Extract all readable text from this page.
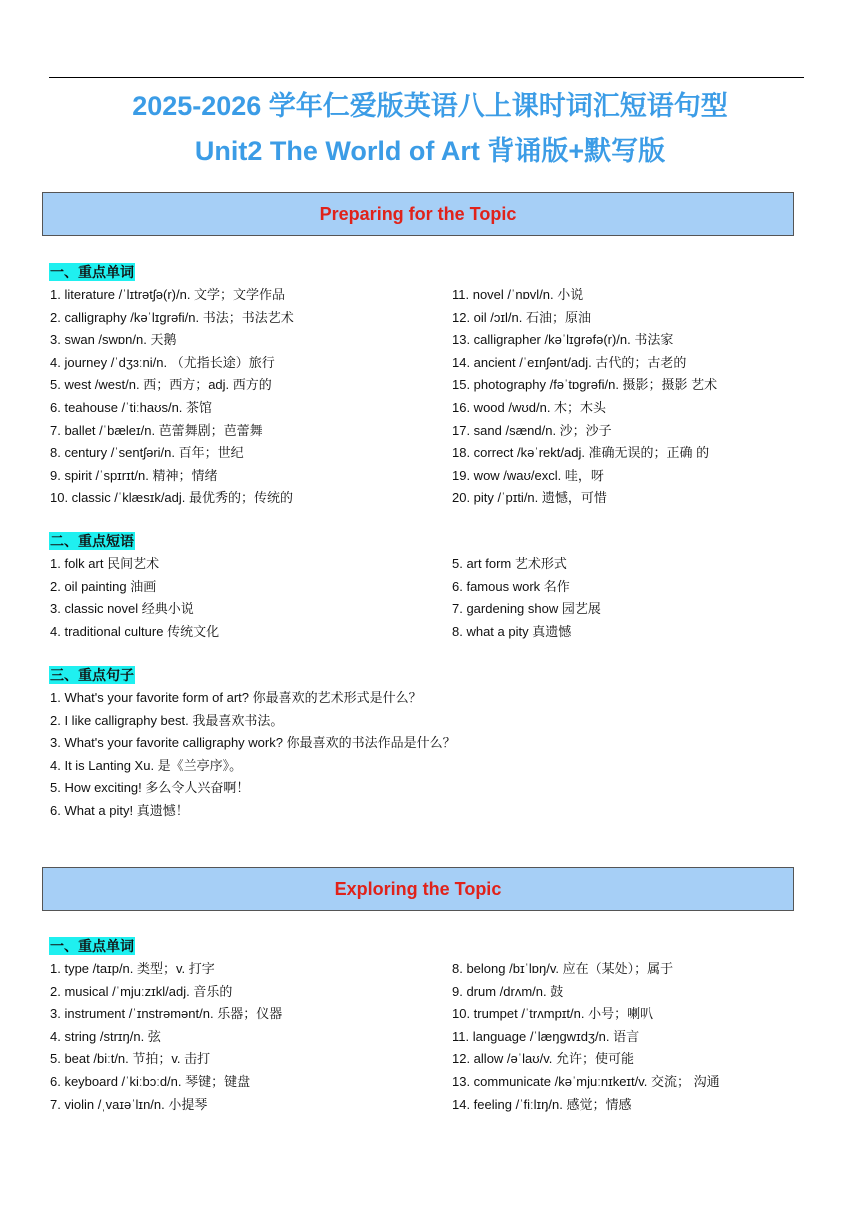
2025-2026 学年仁爱版英语八上课时词汇短语句型
Unit2 The World of Art 背诵版+默写版
Preparing for the Topic
一、重点单词
1. literature /ˈlɪtrətʃə(r)/n. 文学；文学作品
2. calligraphy /kəˈlɪɡrəfi/n. 书法；书法艺术
3. swan /swɒn/n. 天鹅
4. journey /ˈdʒɜːni/n. （尤指长途）旅行
5. west /west/n. 西；西方；adj. 西方的
6. teahouse /ˈtiːhaʊs/n. 茶馆
7. ballet /ˈbæleɪ/n. 芭蕾舞剧；芭蕾舞
8. century /ˈsentʃəri/n. 百年；世纪
9. spirit /ˈspɪrɪt/n. 精神；情绪
10. classic /ˈklæsɪk/adj. 最优秀的；传统的
11. novel /ˈnɒvl/n. 小说
12. oil /ɔɪl/n. 石油；原油
13. calligrapher /kəˈlɪɡrəfə(r)/n. 书法家
14. ancient /ˈeɪnʃənt/adj. 古代的；古老的
15. photography /fəˈtɒɡrəfi/n. 摄影；摄影 艺术
16. wood /wʊd/n. 木；木头
17. sand /sænd/n. 沙；沙子
18. correct /kəˈrekt/adj. 准确无误的；正确 的
19. wow /waʊ/excl. 哇，呀
20. pity /ˈpɪti/n. 遗憾，可惜
二、重点短语
1. folk art 民间艺术
2. oil painting 油画
3. classic novel 经典小说
4. traditional culture 传统文化
5. art form 艺术形式
6. famous work 名作
7. gardening show 园艺展
8. what a pity 真遗憾
三、重点句子
1. What's your favorite form of art? 你最喜欢的艺术形式是什么？
2. I like calligraphy best. 我最喜欢书法。
3. What's your favorite calligraphy work? 你最喜欢的书法作品是什么？
4. It is Lanting Xu. 是《兰亭序》。
5. How exciting! 多么令人兴奋啊！
6. What a pity! 真遗憾！
Exploring the Topic
一、重点单词
1. type /taɪp/n. 类型；v. 打字
2. musical /ˈmjuːzɪkl/adj. 音乐的
3. instrument /ˈɪnstrəmənt/n. 乐器；仪器
4. string /strɪŋ/n. 弦
5. beat /biːt/n. 节拍；v. 击打
6. keyboard /ˈkiːbɔːd/n. 琴键；键盘
7. violin /ˌvaɪəˈlɪn/n. 小提琴
8. belong /bɪˈlɒŋ/v. 应在（某处）；属于
9. drum /drʌm/n. 鼓
10. trumpet /ˈtrʌmpɪt/n. 小号；喇叭
11. language /ˈlæŋɡwɪdʒ/n. 语言
12. allow /əˈlaʊ/v. 允许；使可能
13. communicate /kəˈmjuːnɪkeɪt/v. 交流； 沟通
14. feeling /ˈfiːlɪŋ/n. 感觉；情感
